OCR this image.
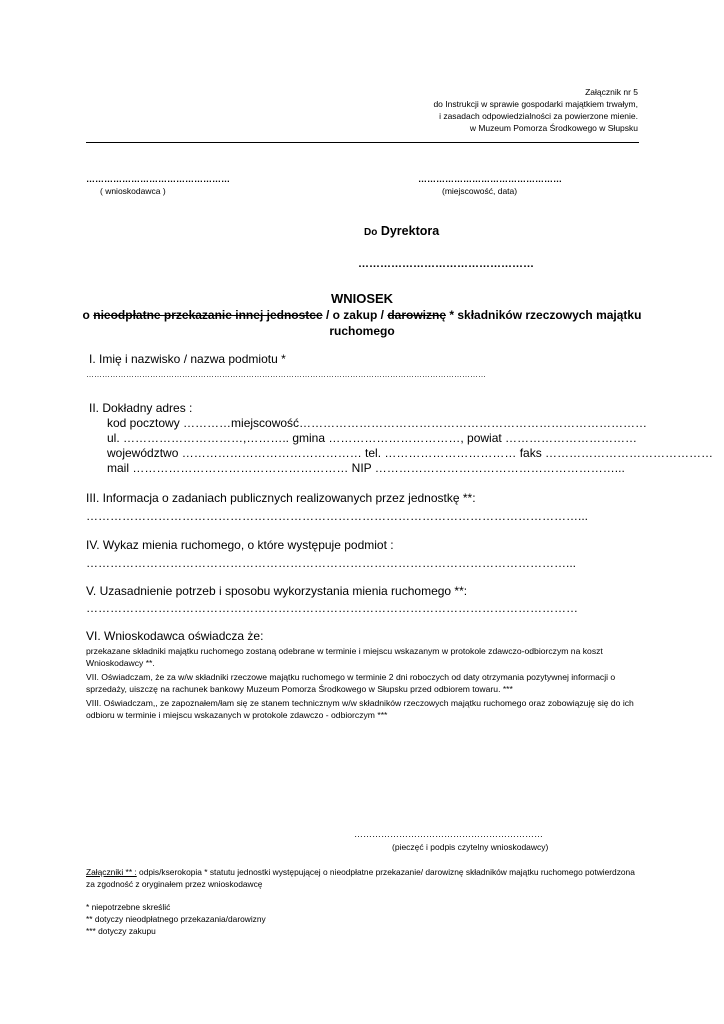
Załącznik nr 5
do Instrukcji w sprawie gospodarki majątkiem trwałym,
i zasadach odpowiedzialności za powierzone mienie.
w Muzeum Pomorza Środkowego w Słupsku
…………………………………………
( wnioskodawca )
…………………………………………
(miejscowość, data)
Do Dyrektora
…………………………………………
WNIOSEK
o nieodpłatne przekazanie innej jednostce / o zakup / darowiznę * składników rzeczowych majątku
ruchomego
I. Imię i nazwisko / nazwa podmiotu *
……………………………………………………………………………………………………………………………………
II. Dokładny adres :
kod pocztowy …………miejscowość……………………………………………………………………………
ul. …………………………,……….. gmina ……………………………, powiat ……………………………
województwo ……………………………………… tel. …………………………… faks ……………………………………
mail ……………………………………………… NIP ……………………………………………………...
III. Informacja o zadaniach publicznych realizowanych przez jednostkę **:
……………………………………………………………………………………………………………...
IV. Wykaz mienia ruchomego, o które występuje podmiot :
…………………………………………………………………………………………………………...
V. Uzasadnienie potrzeb i sposobu wykorzystania mienia ruchomego **:
……………………………………………………………………………………………………………
VI. Wnioskodawca oświadcza że:
przekazane składniki majątku ruchomego zostaną odebrane w terminie i miejscu wskazanym w protokole zdawczo-odbiorczym na koszt Wnioskodawcy **.
VII. Oświadczam, że za w/w składniki rzeczowe majątku ruchomego w terminie 2 dni roboczych od daty otrzymania pozytywnej informacji o sprzedaży, uiszczę na rachunek bankowy Muzeum Pomorza Środkowego w Słupsku przed odbiorem towaru. ***
VIII. Oświadczam,, ze zapoznałem/łam się ze stanem technicznym w/w składników rzeczowych majątku ruchomego oraz zobowiązuję się do ich odbioru w terminie i miejscu wskazanych w protokole zdawczo - odbiorczym ***
………………………………………………………
(pieczęć i podpis czytelny wnioskodawcy)
Załączniki ** : odpis/kserokopia * statutu jednostki występującej o nieodpłatne przekazanie/ darowiznę składników majątku ruchomego potwierdzona za zgodność z oryginałem przez wnioskodawcę
* niepotrzebne skreślić
** dotyczy nieodpłatnego przekazania/darowizny
*** dotyczy zakupu
